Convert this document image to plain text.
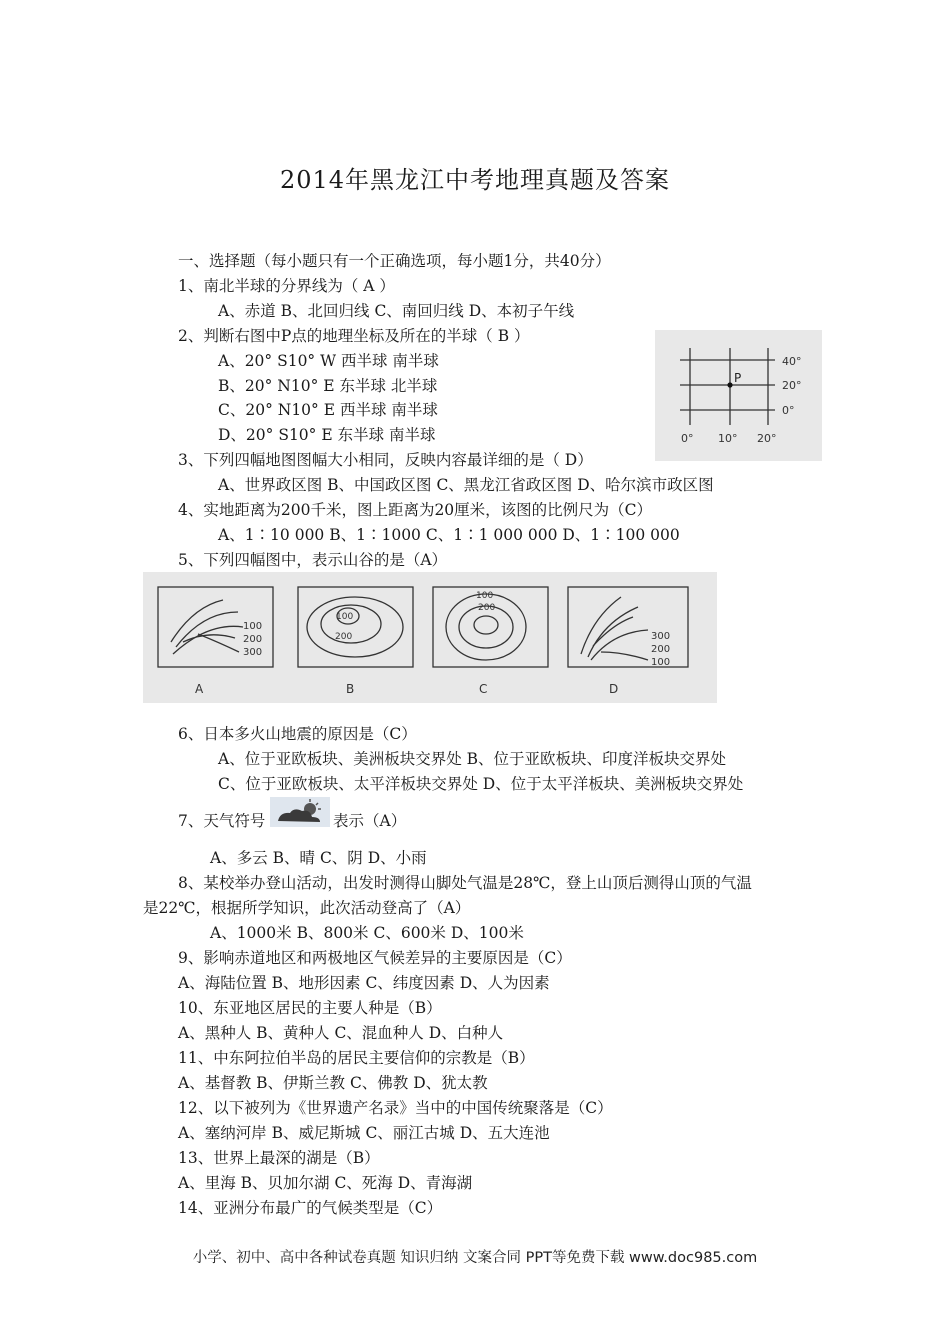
2014年黑龙江中考地理真题及答案
一、选择题（每小题只有一个正确选项，每小题1分，共40分）
1、南北半球的分界线为（ A ）
A、赤道 B、北回归线 C、南回归线 D、本初子午线
2、判断右图中P点的地理坐标及所在的半球（ B ）
A、20° S10° W 西半球 南半球
B、20° N10° E 东半球 北半球
C、20° N10° E 西半球 南半球
D、20° S10° E 东半球 南半球
P
40°
20°
0°
0° 10° 20°
3、下列四幅地图图幅大小相同，反映内容最详细的是（ D）
A、世界政区图 B、中国政区图 C、黑龙江省政区图 D、哈尔滨市政区图
4、实地距离为200千米，图上距离为20厘米，该图的比例尺为（C）
A、1∶10 000 B、1∶1000 C、1∶1 000 000 D、1∶100 000
5、下列四幅图中，表示山谷的是（A）
100
200
300
A
100
200
B
100
200
C
300
200
100
D
6、日本多火山地震的原因是（C）
A、位于亚欧板块、美洲板块交界处 B、位于亚欧板块、印度洋板块交界处
C、位于亚欧板块、太平洋板块交界处 D、位于太平洋板块、美洲板块交界处
7、天气符号	表示（A）
A、多云 B、晴 C、阴 D、小雨
8、某校举办登山活动，出发时测得山脚处气温是28℃，登上山顶后测得山顶的气温
是22℃，根据所学知识，此次活动登高了（A）
A、1000米 B、800米 C、600米 D、100米
9、影响赤道地区和两极地区气候差异的主要原因是（C）
A、海陆位置 B、地形因素 C、纬度因素 D、人为因素
10、东亚地区居民的主要人种是（B）
A、黑种人 B、黄种人 C、混血种人 D、白种人
11、中东阿拉伯半岛的居民主要信仰的宗教是（B）
A、基督教 B、伊斯兰教 C、佛教 D、犹太教
12、以下被列为《世界遗产名录》当中的中国传统聚落是（C）
A、塞纳河岸 B、威尼斯城 C、丽江古城 D、五大连池
13、世界上最深的湖是（B）
A、里海 B、贝加尔湖 C、死海 D、青海湖
14、亚洲分布最广的气候类型是（C）
小学、初中、高中各种试卷真题 知识归纳 文案合同 PPT等免费下载 www.doc985.com
